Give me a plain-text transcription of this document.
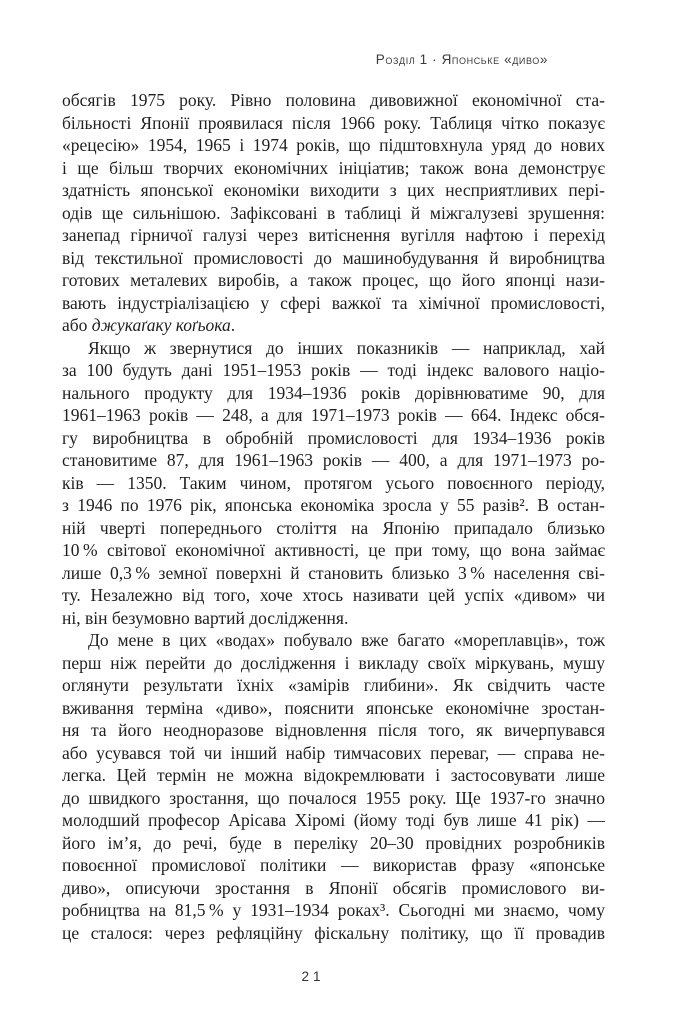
Розділ 1 · Японське «диво»
обсягів 1975 року. Рівно половина дивовижної економічної ста-
більності Японії проявилася після 1966 року. Таблиця чітко показує
«рецесію» 1954, 1965 і 1974 років, що підштовхнула уряд до нових
і ще більш творчих економічних ініціатив; також вона демонструє
здатність японської економіки виходити з цих несприятливих пері-
одів ще сильнішою. Зафіксовані в таблиці й міжгалузеві зрушення:
занепад гірничої галузі через витіснення вугілля нафтою і перехід
від текстильної промисловості до машинобудування й виробництва
готових металевих виробів, а також процес, що його японці нази-
вають індустріалізацією у сфері важкої та хімічної промисловості,
або джукаґаку коґьока.
Якщо ж звернутися до інших показників — наприклад, хай
за 100 будуть дані 1951–1953 років — тоді індекс валового націо-
нального продукту для 1934–1936 років дорівнюватиме 90, для
1961–1963 років — 248, а для 1971–1973 років — 664. Індекс обся-
гу виробництва в обробній промисловості для 1934–1936 років
становитиме 87, для 1961–1963 років — 400, а для 1971–1973 ро-
ків — 1350. Таким чином, протягом усього повоєнного періоду,
з 1946 по 1976 рік, японська економіка зросла у 55 разів². В остан-
ній чверті попереднього століття на Японію припадало близько
10 % світової економічної активності, це при тому, що вона займає
лише 0,3 % земної поверхні й становить близько 3 % населення сві-
ту. Незалежно від того, хоче хтось називати цей успіх «дивом» чи
ні, він безумовно вартий дослідження.
До мене в цих «водах» побувало вже багато «мореплавців», тож
перш ніж перейти до дослідження і викладу своїх міркувань, мушу
оглянути результати їхніх «замірів глибини». Як свідчить часте
вживання терміна «диво», пояснити японське економічне зростан-
ня та його неодноразове відновлення після того, як вичерпувався
або усувався той чи інший набір тимчасових переваг, — справа не-
легка. Цей термін не можна відокремлювати і застосовувати лише
до швидкого зростання, що почалося 1955 року. Ще 1937-го значно
молодший професор Арісава Хіромі (йому тоді був лише 41 рік) —
його ім’я, до речі, буде в переліку 20–30 провідних розробників
повоєнної промислової політики — використав фразу «японське
диво», описуючи зростання в Японії обсягів промислового ви-
робництва на 81,5 % у 1931–1934 роках³. Сьогодні ми знаємо, чому
це сталося: через рефляційну фіскальну політику, що її провадив
21
